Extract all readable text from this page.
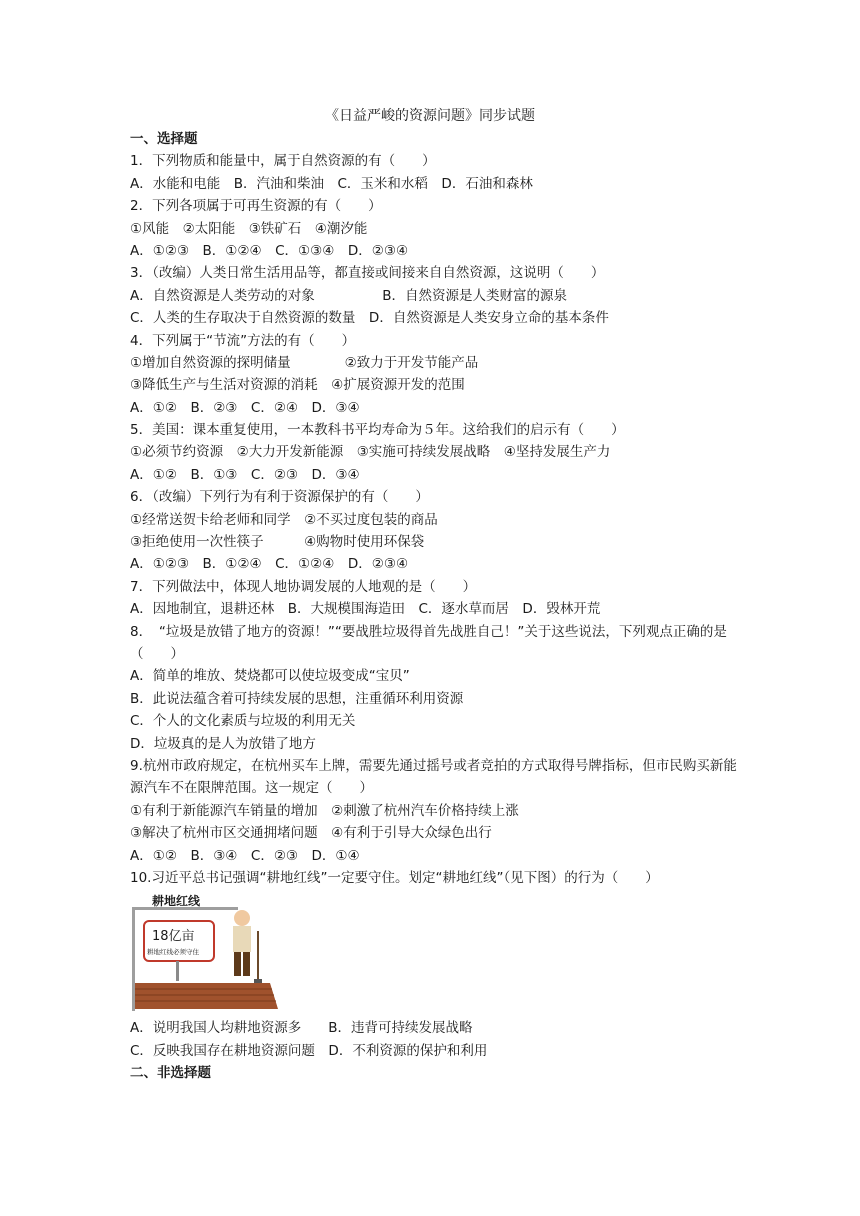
《日益严峻的资源问题》同步试题
一、选择题
1．下列物质和能量中，属于自然资源的有（　　）
A．水能和电能　B．汽油和柴油　C．玉米和水稻　D．石油和森林
2．下列各项属于可再生资源的有（　　）
①风能　②太阳能　③铁矿石　④潮汐能
A．①②③　B．①②④　C．①③④　D．②③④
3．（改编）人类日常生活用品等，都直接或间接来自自然资源，这说明（　　）
A．自然资源是人类劳动的对象　　　　　B．自然资源是人类财富的源泉
C．人类的生存取决于自然资源的数量　D．自然资源是人类安身立命的基本条件
4．下列属于“节流”方法的有（　　）
①增加自然资源的探明储量　　　　②致力于开发节能产品
③降低生产与生活对资源的消耗　④扩展资源开发的范围
A．①②　B．②③　C．②④　D．③④
5．美国：课本重复使用，一本教科书平均寿命为５年。这给我们的启示有（　　）
①必须节约资源　②大力开发新能源　③实施可持续发展战略　④坚持发展生产力
A．①②　B．①③　C．②③　D．③④
6．（改编）下列行为有利于资源保护的有（　　）
①经常送贺卡给老师和同学　②不买过度包装的商品
③拒绝使用一次性筷子　　　④购物时使用环保袋
A．①②③　B．①②④　C．①②④　D．②③④
7．下列做法中，体现人地协调发展的人地观的是（　　）
A．因地制宜，退耕还林　B．大规模围海造田　C．逐水草而居　D．毁林开荒
8．　“垃圾是放错了地方的资源！”“要战胜垃圾得首先战胜自己！”关于这些说法，下列观点正确的是（　　）
A．简单的堆放、焚烧都可以使垃圾变成“宝贝”
B．此说法蕴含着可持续发展的思想，注重循环利用资源
C．个人的文化素质与垃圾的利用无关
D．垃圾真的是人为放错了地方
9.杭州市政府规定，在杭州买车上牌，需要先通过摇号或者竞拍的方式取得号牌指标，但市民购买新能源汽车不在限牌范围。这一规定（　　）
①有利于新能源汽车销量的增加　②刺激了杭州汽车价格持续上涨
③解决了杭州市区交通拥堵问题　④有利于引导大众绿色出行
A．①②　B．③④　C．②③　D．①④
10.习近平总书记强调“耕地红线”一定要守住。划定“耕地红线”（见下图）的行为（　　）
耕地红线
18亿亩
耕地红线必须守住
A．说明我国人均耕地资源多　　B．违背可持续发展战略
C．反映我国存在耕地资源问题　D．不利资源的保护和利用
二、非选择题
